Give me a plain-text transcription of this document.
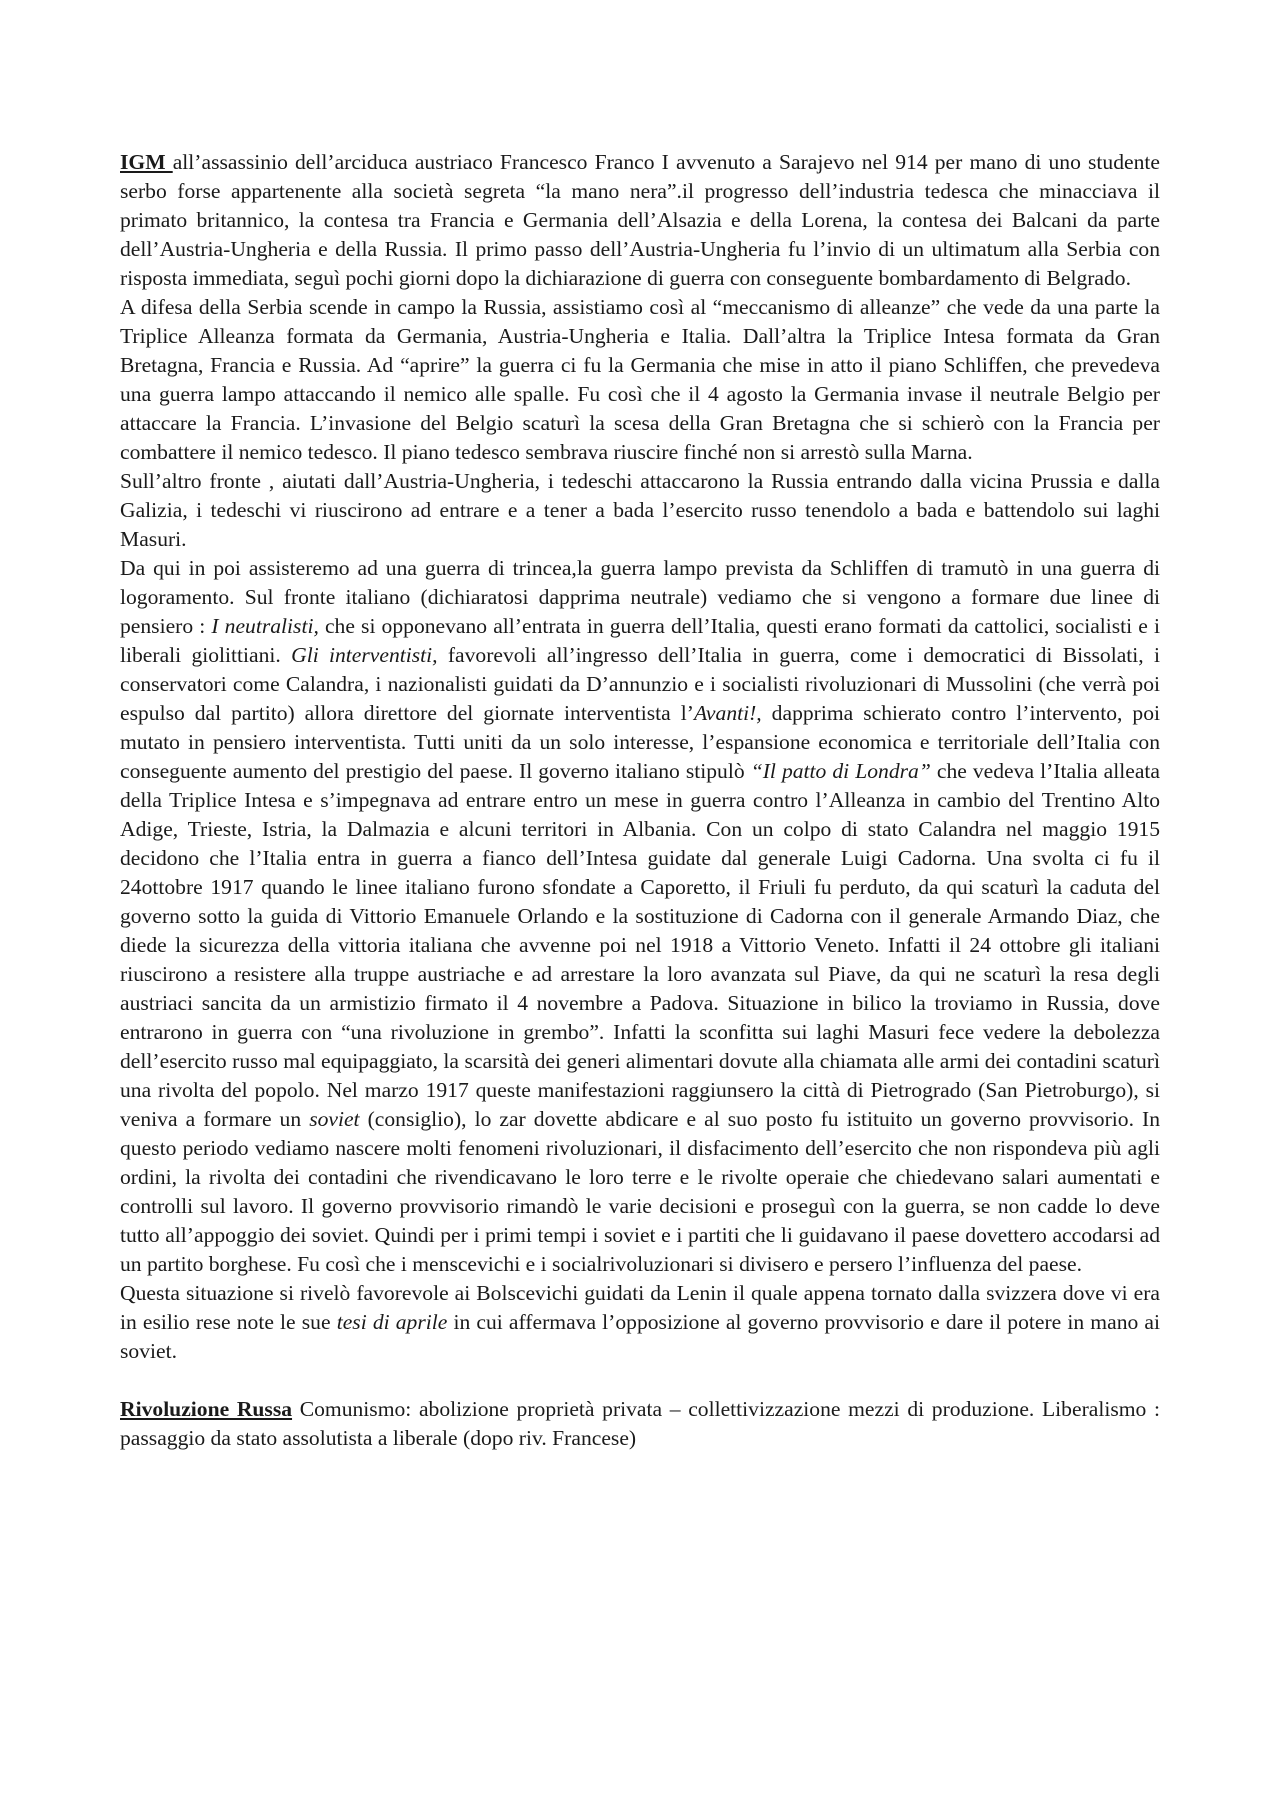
IGM all’assassinio dell’arciduca austriaco Francesco Franco I avvenuto a Sarajevo nel 914 per mano di uno studente serbo forse appartenente alla società segreta “la mano nera”.il progresso dell’industria tedesca che minacciava il primato britannico, la contesa tra Francia e Germania dell’Alsazia e della Lorena, la contesa dei Balcani da parte dell’Austria-Ungheria e della Russia. Il primo passo dell’Austria-Ungheria fu l’invio di un ultimatum alla Serbia con risposta immediata, seguì pochi giorni dopo la dichiarazione di guerra con conseguente bombardamento di Belgrado.

A difesa della Serbia scende in campo la Russia, assistiamo così al “meccanismo di alleanze” che vede da una parte la Triplice Alleanza formata da Germania, Austria-Ungheria e Italia. Dall’altra la Triplice Intesa formata da Gran Bretagna, Francia e Russia. Ad “aprire” la guerra ci fu la Germania che mise in atto il piano Schliffen, che prevedeva una guerra lampo attaccando il nemico alle spalle. Fu così che il 4 agosto la Germania invase il neutrale Belgio per attaccare la Francia. L’invasione del Belgio scaturì la scesa della Gran Bretagna che si schierò con la Francia per combattere il nemico tedesco. Il piano tedesco sembrava riuscire finché non si arrestò sulla Marna.

Sull’altro fronte , aiutati dall’Austria-Ungheria, i tedeschi attaccarono la Russia entrando dalla vicina Prussia e dalla Galizia, i tedeschi vi riuscirono ad entrare e a tener a bada l’esercito russo tenendolo a bada e battendolo sui laghi Masuri.

Da qui in poi assisteremo ad una guerra di trincea,la guerra lampo prevista da Schliffen di tramutò in una guerra di logoramento. Sul fronte italiano (dichiaratosi dapprima neutrale) vediamo che si vengono a formare due linee di pensiero : I neutralisti, che si opponevano all’entrata in guerra dell’Italia, questi erano formati da cattolici, socialisti e i liberali giolittiani. Gli interventisti, favorevoli all’ingresso dell’Italia in guerra, come i democratici di Bissolati, i conservatori come Calandra, i nazionalisti guidati da D’annunzio e i socialisti rivoluzionari di Mussolini (che verrà poi espulso dal partito) allora direttore del giornate interventista l’Avanti!, dapprima schierato contro l’intervento, poi mutato in pensiero interventista. Tutti uniti da un solo interesse, l’espansione economica e territoriale dell’Italia con conseguente aumento del prestigio del paese. Il governo italiano stipulò “Il patto di Londra” che vedeva l’Italia alleata della Triplice Intesa e s’impegnava ad entrare entro un mese in guerra contro l’Alleanza in cambio del Trentino Alto Adige, Trieste, Istria, la Dalmazia e alcuni territori in Albania. Con un colpo di stato Calandra nel maggio 1915 decidono che l’Italia entra in guerra a fianco dell’Intesa guidate dal generale Luigi Cadorna. Una svolta ci fu il 24ottobre 1917 quando le linee italiano furono sfondate a Caporetto, il Friuli fu perduto, da qui scaturì la caduta del governo sotto la guida di Vittorio Emanuele Orlando e la sostituzione di Cadorna con il generale Armando Diaz, che diede la sicurezza della vittoria italiana che avvenne poi nel 1918 a Vittorio Veneto. Infatti il 24 ottobre gli italiani riuscirono a resistere alla truppe austriache e ad arrestare la loro avanzata sul Piave, da qui ne scaturì la resa degli austriaci sancita da un armistizio firmato il 4 novembre a Padova. Situazione in bilico la troviamo in Russia, dove entrarono in guerra con “una rivoluzione in grembo”. Infatti la sconfitta sui laghi Masuri fece vedere la debolezza dell’esercito russo mal equipaggiato, la scarsità dei generi alimentari dovute alla chiamata alle armi dei contadini scaturì una rivolta del popolo. Nel marzo 1917 queste manifestazioni raggiunsero la città di Pietrogrado (San Pietroburgo), si veniva a formare un soviet (consiglio), lo zar dovette abdicare e al suo posto fu istituito un governo provvisorio. In questo periodo vediamo nascere molti fenomeni rivoluzionari, il disfacimento dell’esercito che non rispondeva più agli ordini, la rivolta dei contadini che rivendicavano le loro terre e le rivolte operaie che chiedevano salari aumentati e controlli sul lavoro. Il governo provvisorio rimandò le varie decisioni e proseguì con la guerra, se non cadde lo deve tutto all’appoggio dei soviet. Quindi per i primi tempi i soviet e i partiti che li guidavano il paese dovettero accodarsi ad un partito borghese. Fu così che i menscevichi e i socialrivoluzionari si divisero e persero l’influenza del paese.

Questa situazione si rivelò favorevole ai Bolscevichi guidati da Lenin il quale appena tornato dalla svizzera dove vi era in esilio rese note le sue tesi di aprile in cui affermava l’opposizione al governo provvisorio e dare il potere in mano ai soviet.

Rivoluzione Russa Comunismo: abolizione proprietà privata – collettivizzazione mezzi di produzione. Liberalismo : passaggio da stato assolutista a liberale (dopo riv. Francese)
